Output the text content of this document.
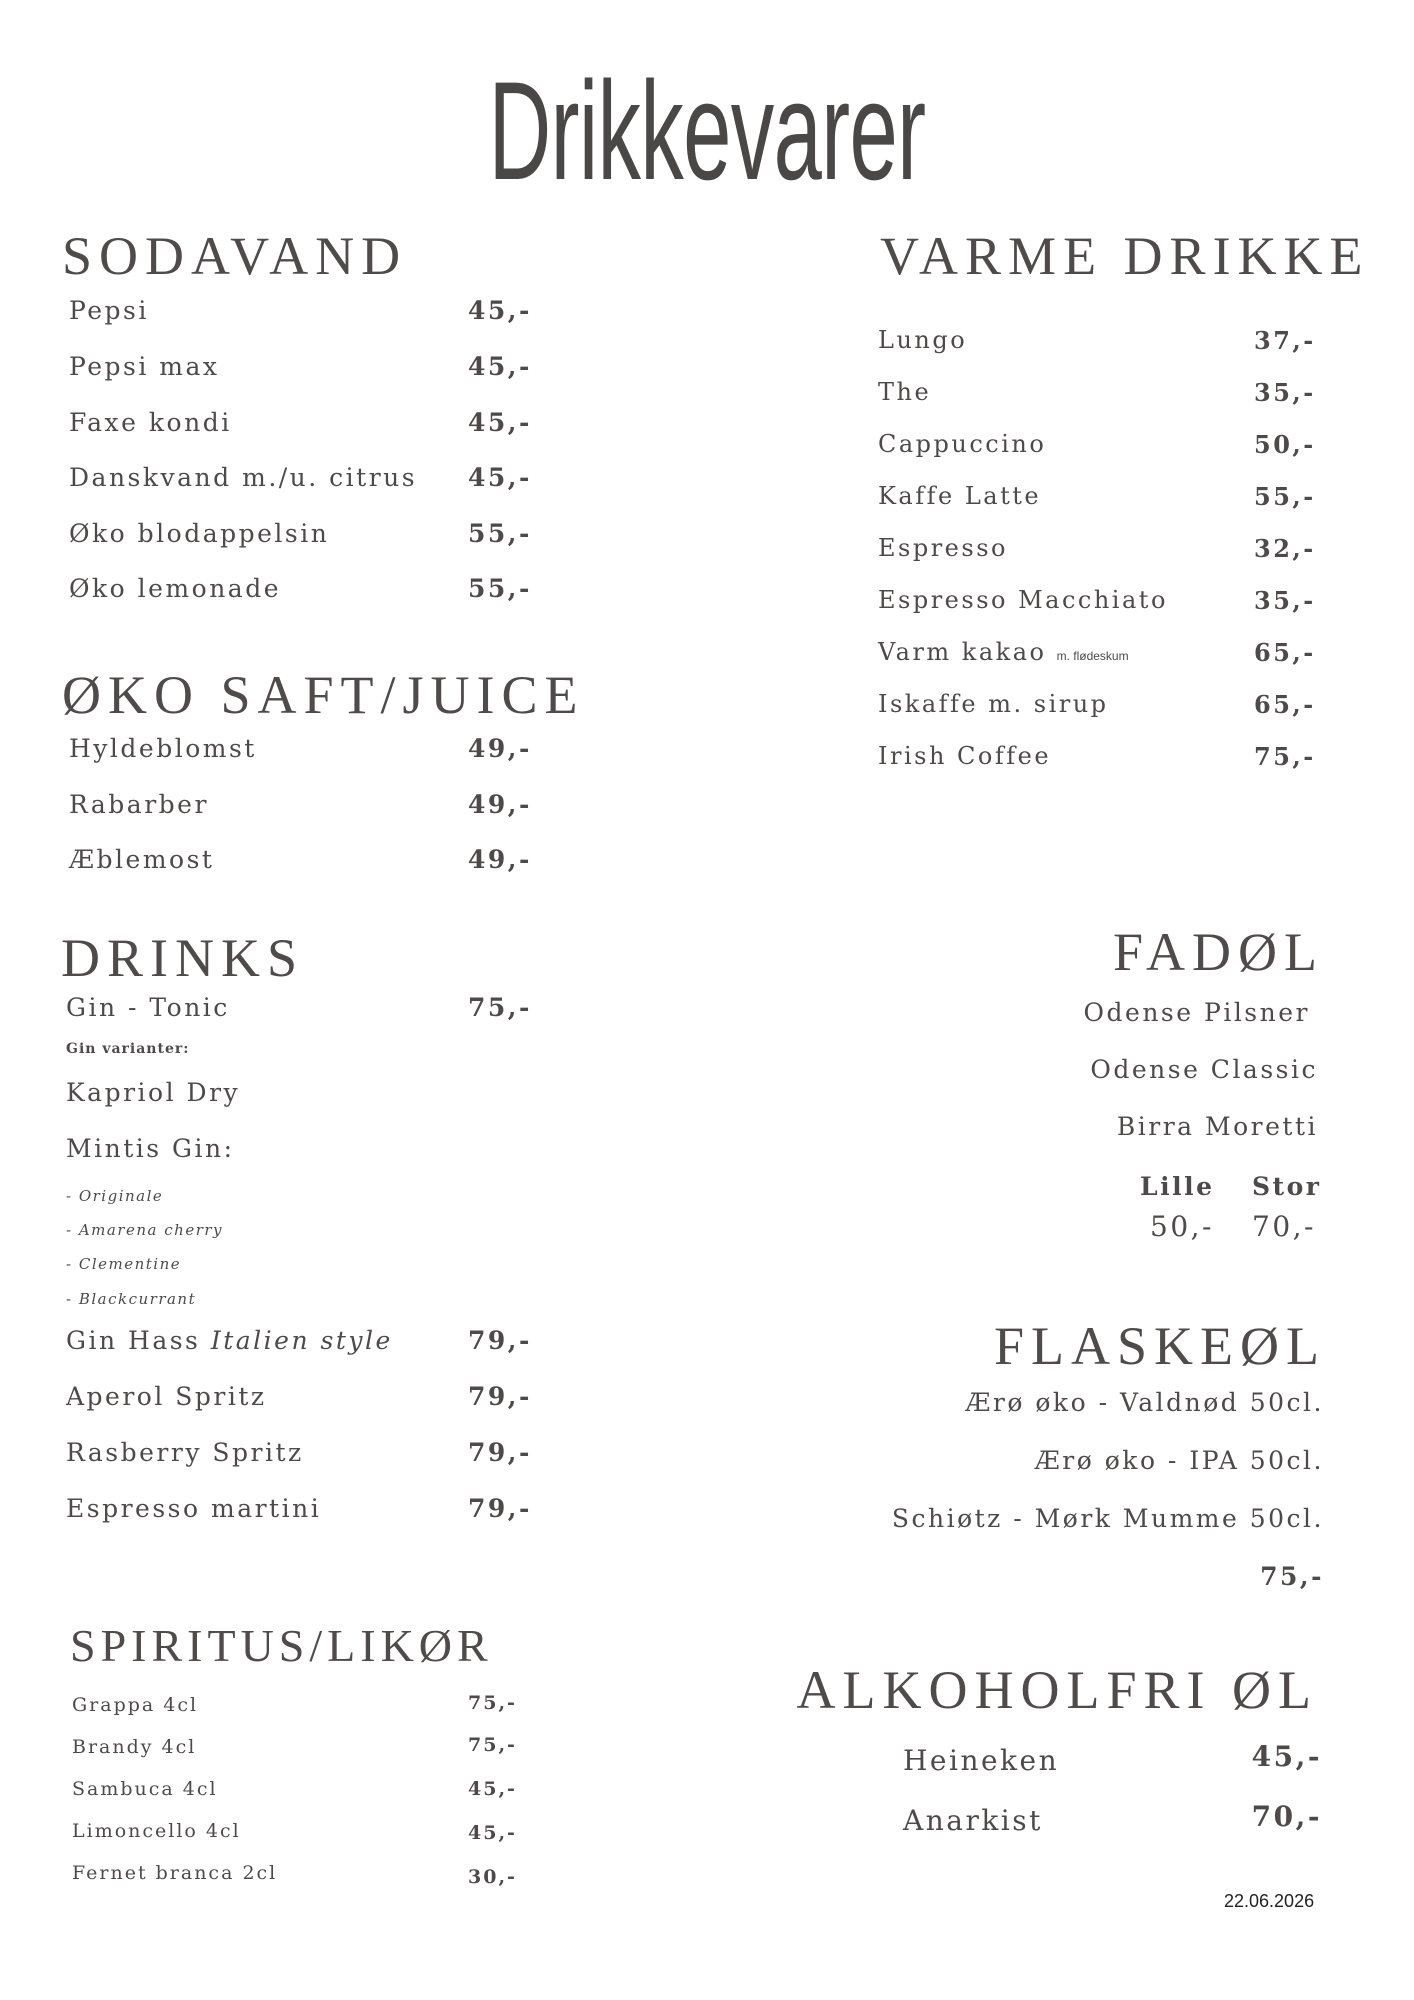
Drikkevarer
SODAVAND
Pepsi	45,-
Pepsi max	45,-
Faxe kondi	45,-
Danskvand m./u. citrus 45,-
Øko blodappelsin	55,-
Øko lemonade	55,-
ØKO SAFT/JUICE
Hyldeblomst	49,-
Rabarber	49,-
Æblemost	49,-
DRINKS
Gin - Tonic	75,-
Gin varianter:
Kapriol Dry
Mintis Gin:
- Originale
- Amarena cherry
- Clementine
- Blackcurrant
Gin Hass Italien style	79,-
Aperol Spritz	79,-
Rasberry Spritz	79,-
Espresso martini	79,-
SPIRITUS/LIKØR
Grappa 4cl	75,-
Brandy 4cl	75,-
Sambuca 4cl	45,-
Limoncello 4cl	45,-
Fernet branca 2cl	30,-
VARME DRIKKE
Lungo	37,-
The	35,-
Cappuccino	50,-
Kaffe Latte	55,-
Espresso	32,-
Espresso Macchiato	35,-
Varm kakao m. flødeskum	65,-
Iskaffe m. sirup	65,-
Irish Coffee	75,-
FADØL
Odense Pilsner
Odense Classic
Birra Moretti
Lille Stor
50,- 70,-
FLASKEØL
Ærø øko - Valdnød 50cl.
Ærø øko - IPA 50cl.
Schiøtz - Mørk Mumme 50cl.
75,-
ALKOHOLFRI ØL
Heineken	45,-
Anarkist	70,-
22.06.2026
